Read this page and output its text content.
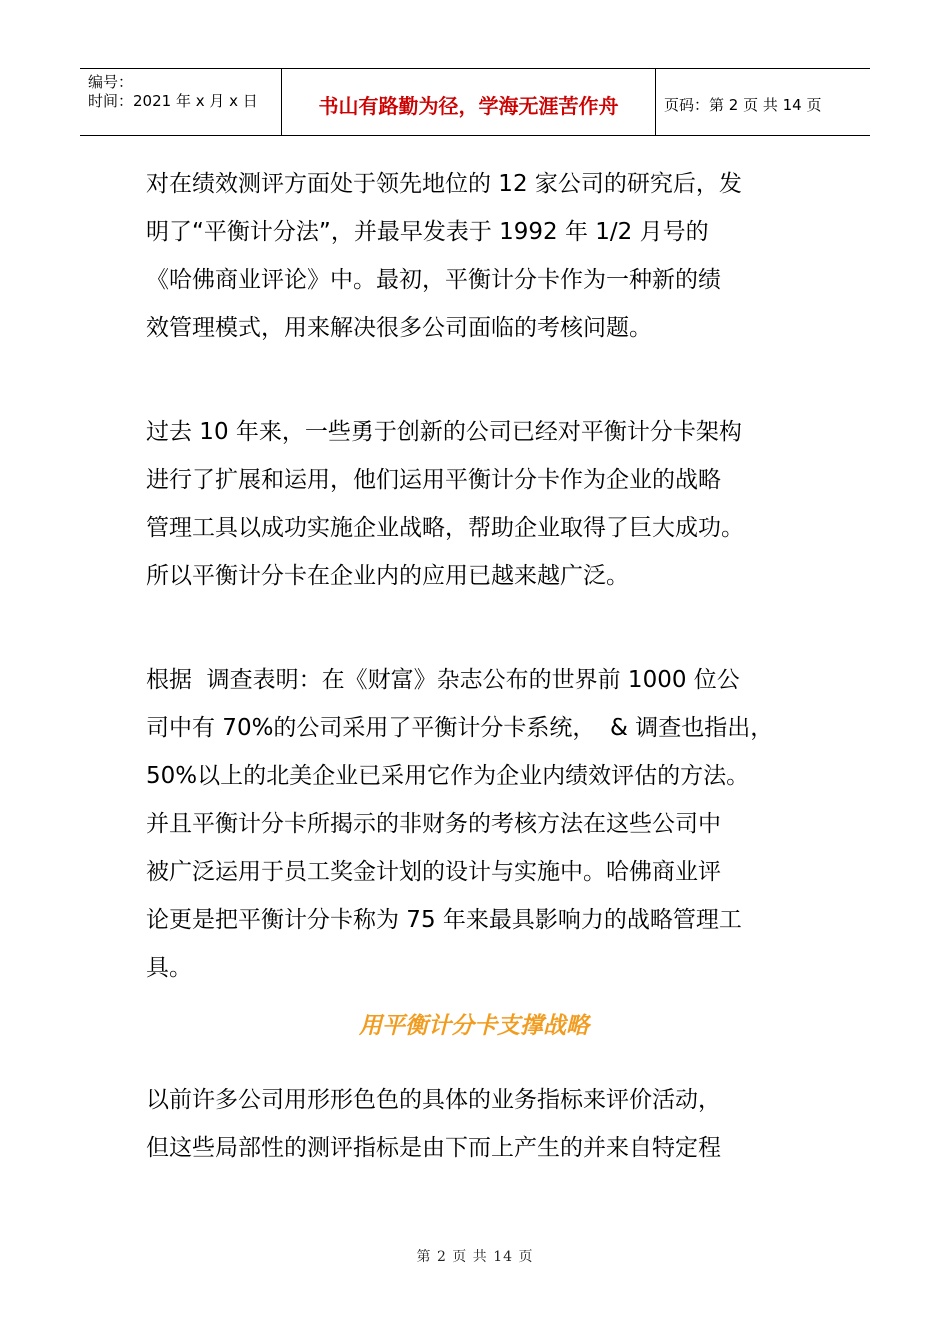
编号：
时间：2021 年 x 月 x 日	书山有路勤为径，学海无涯苦作舟	页码：第 2 页 共 14 页
对在绩效测评方面处于领先地位的 12 家公司的研究后，发
明了“平衡计分法”，并最早发表于 1992 年 1/2 月号的
《哈佛商业评论》中。最初，平衡计分卡作为一种新的绩
效管理模式，用来解决很多公司面临的考核问题。
过去 10 年来，一些勇于创新的公司已经对平衡计分卡架构
进行了扩展和运用，他们运用平衡计分卡作为企业的战略
管理工具以成功实施企业战略，帮助企业取得了巨大成功。
所以平衡计分卡在企业内的应用已越来越广泛。
根据  调查表明：在《财富》杂志公布的世界前 1000 位公
司中有 70%的公司采用了平衡计分卡系统，  & 调查也指出，
50%以上的北美企业已采用它作为企业内绩效评估的方法。
并且平衡计分卡所揭示的非财务的考核方法在这些公司中
被广泛运用于员工奖金计划的设计与实施中。哈佛商业评
论更是把平衡计分卡称为 75 年来最具影响力的战略管理工
具。
用平衡计分卡支撑战略
以前许多公司用形形色色的具体的业务指标来评价活动，
但这些局部性的测评指标是由下而上产生的并来自特定程
第 2 页 共 14 页
